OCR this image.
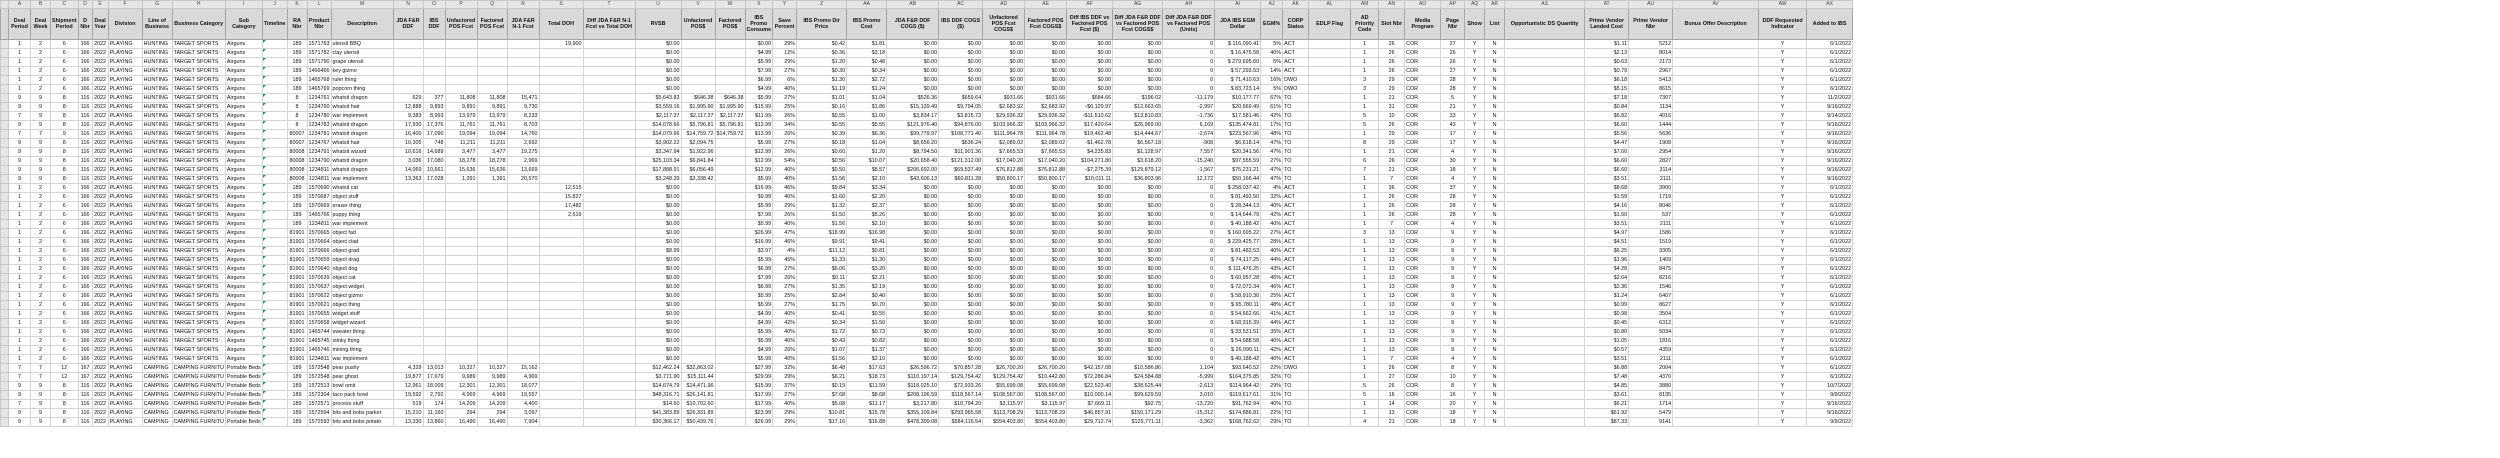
	A	B	C	D	E	F	G	H	I	J	K	L	M	N	O	P	Q	R	S	T	U	V	W	X	Y	Z	AA	AB	AC	AD	AE	AF	AG	AH	AI	AJ	AK	AL	AM	AN	AO	AP	AQ	AR	AS	AT	AU	AV	AW	AX
	Deal Period	Deal Week	Shipment Period	D Nbr	Deal Year	Division	Line of Business	Business Category	Sub Category	Timeline	RA Nbr	Product Nbr	Description	JDA F&R DDF	IBS DDF	Unfactored POS Fcst	Factored POS Fcst	JDA F&R N-1 Fcst	Total DOH	Diff JDA F&R N-1 Fcst vs Total DOH	RVSB	Unfactored POS$	Factored POS$	IBS Promo Consume	Save Percent	IBS Promo Dir Price	IBS Promo Cost	JDA F&R DDF COGS ($)	IBS DDF COGS ($)	Unfactored POS Fcst COGS$	Factored POS Fcst COGS$	Diff IBS DDF vs Factored POS Fcst ($)	Diff JDA F&R DDF vs Factored POS Fcst COGS$	Diff JDA F&R DDF vs Factored POS (Units)	JDA IBS EGM Dollar	EGM%	CORP Status	EDLP Flag	AD Priority Code	Slot Nbr	Media Program	Page Nbr	Show	List	Opportunistic DS Quantity	Prime Vendor Landed Cost	Prime Vendor Nbr	Bonus Offer Description	DDF Requested Indicator	Added to IBS
	1	2	6	166	2022	PLAYING	HUNTING	TARGET SPORTS	Airguns		189	1571763	utensil BBQ						19,900		$0.00			$0.00	29%	$0.42	$1.81	$0.00	$0.00	$0.00	$0.00	$0.00	$0.00	0	$ 116,090.41	5%	ACT		1	26	COR	27	Y	N		$1.11	5212		Y	6/1/2022
	1	2	6	166	2022	PLAYING	HUNTING	TARGET SPORTS	Airguns		189	1571782	clay utensil								$0.00			$4.99	12%	$0.36	$3.18	$0.00	$0.00	$0.00	$0.00	$0.00	$0.00	0	$ 16,476.58	40%	ACT		1	26	COR	26	Y	N		$2.13	8014		Y	6/1/2022
	1	2	6	166	2022	PLAYING	HUNTING	TARGET SPORTS	Airguns		189	1571790	grape utensil								$0.00			$5.99	29%	$1.20	$0.48	$0.00	$0.00	$0.00	$0.00	$0.00	$0.00	0	$ 279,695.60	5%	ACT		1	26	COR	26	Y	N		$0.63	2173		Y	6/1/2022
	1	2	6	166	2022	PLAYING	HUNTING	TARGET SPORTS	Airguns		189	1466466	key gizmo								$0.00			$7.99	27%	$0.30	$0.34	$0.00	$0.00	$0.00	$0.00	$0.00	$0.00	0	$ 57,292.53	14%	ACT		1	26	COR	27	Y	N		$0.79	2967		Y	6/1/2022
	1	2	6	166	2022	PLAYING	HUNTING	TARGET SPORTS	Airguns		189	1465768	ruler thing								$0.00			$6.99	6%	$1.30	$2.72	$0.00	$0.00	$0.00	$0.00	$0.00	$0.00	0	$ 71,410.63	16%	DWO		3	29	COR	28	Y	N		$6.18	5413		Y	6/1/2022
	1	2	6	166	2022	PLAYING	HUNTING	TARGET SPORTS	Airguns		189	1465769	popcorn thing								$0.00			$4.99	40%	$1.19	$1.24	$0.00	$0.00	$0.00	$0.00	$0.00	$0.00	0	$ 83,723.14	5%	DWO		3	29	COR	28	Y	N		$5.15	8615		Y	6/1/2022
	9	9	8	116	2022	PLAYING	HUNTING	TARGET SPORTS	Airguns		8	1234761	whatsit dragon	629	377	11,808	11,808	15,471			$5,643.83	$646.38	$646.38	$5.99	27%	$1.01	$1.04	$526.36	$659.64	$931.66	$931.66	$684.66	$196.02	-11,179	$10,177.77	67%	TO		1	21	COR	5	Y	N		$7.18	7307		Y	11/2/2022
	9	9	8	116	2022	PLAYING	HUNTING	TARGET SPORTS	Airguns		8	1234760	whatsit hair	12,888	9,893	9,891	9,891	9,730			$3,559.16	$1,995.90	$1,995.90	$15.99	25%	$0.16	$1.86	$15,139.49	$9,794.05	$2,683.92	$2,683.92	-$6,129.97	$12,663.65	-2,997	$20,669.49	61%	TO		1	31	COR	21	Y	N		$0.84	1134		Y	9/16/2022
	7	9	8	116	2022	PLAYING	HUNTING	TARGET SPORTS	Airguns		8	1234780	war implement	9,383	8,993	13,979	13,979	8,233			$2,117.37	$2,117.37	$2,117.37	$11.99	26%	$0.55	$1.00	$3,834.17	$3,815.73	$29,936.32	$29,936.32	-$11,510.62	$13,810.83	-1,736	$17,581.46	42%	TO		5	10	COR	33	Y	N		$6.82	4016		Y	9/14/2022
	9	9	8	116	2022	PLAYING	HUNTING	TARGET SPORTS	Airguns		8	1234783	whatsit dragon	17,930	17,376	11,761	11,761	8,703			$14,078.66	$5,796.81	$5,796.81	$12.99	34%	$0.55	$5.55	$121,976.40	$94,876.00	$103,966.32	$103,966.32	$17,420.64	$26,969.00	6,169	$135,474.81	17%	TO		5	26	COR	43	Y	N		$6.60	1444		Y	9/16/2022
	7	7	9	116	2022	PLAYING	HUNTING	TARGET SPORTS	Airguns		80007	1234781	whatsit dragon	16,400	17,090	19,094	19,094	14,760			$14,079.66	$14,759.72	$14,759.72	$13.99	26%	$0.39	$6.36	$99,779.97	$108,771.40	$111,964.78	$111,964.78	$19,462.48	$14,444.67	-2,674	$223,567.96	48%	TO		1	29	COR	17	Y	N		$5.56	5636		Y	9/16/2022
	9	9	8	116	2022	PLAYING	HUNTING	TARGET SPORTS	Airguns		80007	1234767	whatsit hair	10,305	748	11,211	11,211	2,692			$3,902.22	$2,094.75		$5.99	27%	$0.18	$1.04	$8,656.20	$636.24	$2,089.02	$2,089.02	-$1,462.78	$6,567.18	-908	$6,618.14	47%	TO		8	29	COR	17	Y	N		$4.47	1908		Y	9/16/2022
	9	9	8	116	2022	PLAYING	HUNTING	TARGET SPORTS	Airguns		80008	1234791	whatsit wizard	10,616	14,689	3,477	3,477	19,275			$3,347.94	$1,922.96		$12.99	26%	$0.60	$1.20	$8,794.50	$11,901.36	$7,665.53	$7,665.53	$4,235.83	$1,128.97	7,557	$20,341.56	47%	TO		1	21	COR	4	Y	N		$7.60	2954		Y	9/16/2022
	9	9	8	116	2022	PLAYING	HUNTING	TARGET SPORTS	Airguns		80008	1234790	whatsit dragon	3,036	17,080	18,278	18,278	2,969			$25,103.34	$6,841.84		$12.99	54%	$0.56	$10.07	$20,658.40	$121,312.00	$17,040.20	$17,040.20	$104,271.80	$3,618.20	-15,240	$97,555.59	27%	TO		6	26	COR	30	Y	N		$6.60	2827		Y	9/16/2022
	9	9	8	116	2022	PLAYING	HUNTING	TARGET SPORTS	Airguns		80008	1234811	whatsit dragon	14,069	10,661	15,636	15,636	13,669			$17,888.91	$6,056.49		$12.99	40%	$0.50	$8.57	$206,692.00	$69,537.49	$76,812.88	$76,812.88	-$7,275.39	$129,879.12	-1,567	$75,231.21	47%	TO		7	21	COR	18	Y	N		$6.60	3114		Y	9/16/2022
	9	9	8	116	2022	PLAYING	HUNTING	TARGET SPORTS	Airguns		80008	1234811	war implement	13,363	17,028	1,391	1,391	20,570			$3,248.39	$3,338.42		$5.99	40%	$1.56	$2.10	$43,606.13	$60,811.28	$50,800.17	$50,800.17	$10,011.11	$36,803.96	12,172	$50,166.44	47%	TO		1	7	COR	4	Y	N		$3.51	2111		Y	9/16/2022
	1	2	6	166	2022	PLAYING	HUNTING	TARGET SPORTS	Airguns		189	1570690	whatsit cat						12,515		$0.00			$16.99	46%	$9.84	$3.34	$0.00	$0.00	$0.00	$0.00	$0.00	$0.00	0	$ 258,037.42	4%	ACT		1	36	COR	37	Y	N		$8.68	3900		Y	6/1/2022
	1	2	6	166	2022	PLAYING	HUNTING	TARGET SPORTS	Airguns		189	1570687	object stuff						15,827		$0.00			$9.99	40%	$1.60	$2.20	$0.00	$0.00	$0.00	$0.00	$0.00	$0.00	0	$ 81,492.50	32%	ACT		1	26	COR	28	Y	N		$1.59	1719		Y	6/1/2022
	1	2	6	166	2022	PLAYING	HUNTING	TARGET SPORTS	Airguns		189	1570669	eraser thing						17,482		$0.00			$5.99	29%	$1.32	$2.37	$0.00	$0.00	$0.00	$0.00	$0.00	$0.00	0	$ 28,344.13	40%	ACT		1	26	COR	28	Y	N		$4.16	8046		Y	6/1/2022
	1	2	6	166	2022	PLAYING	HUNTING	TARGET SPORTS	Airguns		189	1465766	puppy thing						2,619		$0.00			$7.99	26%	$1.50	$5.26	$0.00	$0.00	$0.00	$0.00	$0.00	$0.00	0	$ 14,644.79	42%	ACT		1	26	COR	28	Y	N		$1.60	537		Y	6/1/2022
	1	2	6	166	2022	PLAYING	HUNTING	TARGET SPORTS	Airguns		189	1234811	war implement								$0.00			$5.99	40%	$1.56	$2.10	$0.00	$0.00	$0.00	$0.00	$0.00	$0.00	0	$ 40,188.42	40%	ACT		1	7	COR	4	Y	N		$3.51	2111		Y	6/1/2022
	1	2	6	166	2022	PLAYING	HUNTING	TARGET SPORTS	Airguns		81901	1570665	object fad								$0.00			$26.99	47%	$18.99	$16.98	$0.00	$0.00	$0.00	$0.00	$0.00	$0.00	0	$ 160,695.22	27%	ACT		3	13	COR	9	Y	N		$4.97	1586		Y	6/1/2022
	1	2	6	166	2022	PLAYING	HUNTING	TARGET SPORTS	Airguns		81901	1570664	object clad								$0.00			$16.99	46%	$9.91	$9.41	$0.00	$0.00	$0.00	$0.00	$0.00	$0.00	0	$ 229,425.77	28%	ACT		1	13	COR	9	Y	N		$4.51	1519		Y	6/1/2022
	1	2	6	166	2022	PLAYING	HUNTING	TARGET SPORTS	Airguns		81901	1570666	object grad								$8.99			$3.97	4%	$11.12	$0.81	$0.00	$0.00	$0.00	$0.00	$0.00	$0.00	0	$ 81,482.53	40%	ACT		1	13	COR	9	Y	N		$6.25	3305		Y	6/1/2022
	1	2	6	166	2022	PLAYING	HUNTING	TARGET SPORTS	Airguns		81901	1570659	object drag								$0.00			$5.99	45%	$1.33	$1.30	$0.00	$0.00	$0.00	$0.00	$0.00	$0.00	0	$ 74,117.25	44%	ACT		1	13	COR	9	Y	N		$1.96	1409		Y	6/1/2022
	1	2	6	166	2022	PLAYING	HUNTING	TARGET SPORTS	Airguns		81901	1570640	object dog								$0.00			$6.99	27%	$6.06	$3.20	$0.00	$0.00	$0.00	$0.00	$0.00	$0.00	0	$ 111,476.25	43%	ACT		1	13	COR	9	Y	N		$4.28	8475		Y	6/1/2022
	1	2	6	166	2022	PLAYING	HUNTING	TARGET SPORTS	Airguns		81901	1570639	object cat								$0.00			$7.99	26%	$0.11	$2.21	$0.00	$0.00	$0.00	$0.00	$0.00	$0.00	0	$ 60,957.28	45%	ACT		1	13	COR	9	Y	N		$2.64	8216		Y	6/1/2022
	1	2	6	166	2022	PLAYING	HUNTING	TARGET SPORTS	Airguns		81901	1570637	object widget								$0.00			$6.99	27%	$1.35	$2.19	$0.00	$0.00	$0.00	$0.00	$0.00	$0.00	0	$ 72,072.34	46%	ACT		1	13	COR	9	Y	N		$2.36	1546		Y	6/1/2022
	1	2	6	166	2022	PLAYING	HUNTING	TARGET SPORTS	Airguns		81901	1570622	object gizmo								$0.00			$5.99	25%	$2.84	$0.40	$0.00	$0.00	$0.00	$0.00	$0.00	$0.00	0	$ 58,910.30	25%	ACT		1	13	COR	9	Y	N		$1.24	6407		Y	6/1/2022
	1	2	6	166	2022	PLAYING	HUNTING	TARGET SPORTS	Airguns		81901	1570621	object thing								$0.00			$5.99	27%	$1.75	$0.70	$0.00	$0.00	$0.00	$0.00	$0.00	$0.00	0	$ 65,780.11	48%	ACT		1	13	COR	9	Y	N		$0.99	8627		Y	6/1/2022
	1	2	6	166	2022	PLAYING	HUNTING	TARGET SPORTS	Airguns		81901	1570655	widget stuff								$0.00			$4.99	40%	$0.41	$0.55	$0.00	$0.00	$0.00	$0.00	$0.00	$0.00	0	$ 54,662.66	41%	ACT		1	13	COR	9	Y	N		$0.98	3504		Y	6/1/2022
	1	2	6	166	2022	PLAYING	HUNTING	TARGET SPORTS	Airguns		81901	1570658	widget wizard								$0.00			$4.99	42%	$0.34	$1.50	$0.00	$0.00	$0.00	$0.00	$0.00	$0.00	0	$ 68,315.39	44%	ACT		1	13	COR	9	Y	N		$0.45	6312		Y	6/1/2022
	1	2	6	166	2022	PLAYING	HUNTING	TARGET SPORTS	Airguns		81901	1465744	sweater thing								$0.00			$5.99	40%	$1.72	$0.73	$0.00	$0.00	$0.00	$0.00	$0.00	$0.00	0	$ 33,531.51	35%	ACT		1	13	COR	9	Y	N		$0.80	5034		Y	6/1/2022
	1	2	6	166	2022	PLAYING	HUNTING	TARGET SPORTS	Airguns		81901	1465745	stinky thing								$0.00			$5.99	40%	$0.43	$0.82	$0.00	$0.00	$0.00	$0.00	$0.00	$0.00	0	$ 54,688.58	40%	ACT		1	13	COR	9	Y	N		$1.05	1816		Y	6/1/2022
	1	2	6	166	2022	PLAYING	HUNTING	TARGET SPORTS	Airguns		81901	1465746	mining thing								$0.00			$4.99	26%	$1.07	$1.37	$0.00	$0.00	$0.00	$0.00	$0.00	$0.00	0	$ 26,090.11	42%	ACT		1	13	COR	9	Y	N		$0.57	4359		Y	6/1/2022
	1	2	6	166	2022	PLAYING	HUNTING	TARGET SPORTS	Airguns		81901	1234811	war implement								$0.00			$5.99	40%	$1.56	$2.10	$0.00	$0.00	$0.00	$0.00	$0.00	$0.00	0	$ 40,188.42	40%	ACT		1	7	COR	4	Y	N		$3.51	2111		Y	6/1/2022
	7	7	12	167	2022	PLAYING	CAMPING	CAMPING FURNITU	Portable Beds		189	1572548	pear pushy	4,329	13,013	10,327	10,327	15,162			$12,462.24	$32,863.02		$27.99	32%	$6.48	$17.63	$26,596.72	$70,857.28	$26,700.20	$26,700.20	$42,157.08	$10,586.86	1,104	$93,640.52	22%	DWO		1	26	COR	8	Y	N		$6.88	2004		Y	6/1/2022
	7	7	12	167	2022	PLAYING	CAMPING	CAMPING FURNITU	Portable Beds		189	1572548	pear ghost	19,877	17,679	9,989	9,989	4,969			$3,771.90	$15,111.44		$29.99	29%	$6.21	$18.73	$110,197.14	$129,754.42	$129,754.42	$10,442.80	$72,286.84	$24,584.88	-5,999	$164,375.85	32%	TO		1	27	COR	10	Y	N		$7.48	4370		Y	6/1/2022
	9	9	8	116	2022	PLAYING	CAMPING	CAMPING FURNITU	Portable Beds		189	1572513	bowl omit	12,961	18,009	12,301	12,301	18,077			$14,674.79	$14,471.96		$15.99	37%	$0.19	$11.59	$118,025.10	$72,933.26	$55,699.08	$55,699.08	$22,523.40	$38,625.44	-2,613	$114,964.42	29%	TO		5	26	COR	8	Y	N		$4.85	3880		Y	10/7/2022
	9	9	8	116	2022	PLAYING	CAMPING	CAMPING FURNITU	Portable Beds		189	1572304	taco pack bowl	19,592	2,792	4,969	4,969	19,557			$48,316.71	$26,141.81		$17.99	27%	$7.68	$8.68	$208,196.59	$118,567.14	$108,567.00	$108,567.00	$10,000.14	$99,629.59	3,010	$119,617.61	31%	TO		5	16	COR	16	Y	N		$3.61	8135		Y	9/9/2022
	7	9	8	116	2022	PLAYING	CAMPING	CAMPING FURNITU	Portable Beds		189	1572571	process stuff	519	174	14,209	14,209	4,400			$14.60	$10,702.60		$17.99	40%	$5.08	$11.17	$3,217.80	$10,794.20	$3,115.97	$3,115.97	$7,669.11	$92.75	-13,720	$91,762.94	40%	TO		1	14	COR	20	Y	N		$6.21	1714		Y	9/16/2022
	9	9	8	116	2022	PLAYING	CAMPING	CAMPING FURNITU	Portable Beds		189	1572594	bits and bobs parker	15,210	11,160	294	294	3,097			$41,383.89	$26,331.89		$23.99	29%	$10.81	$15.78	$355,109.84	$293,965.58	$113,708.29	$113,708.29	$46,857.91	$150,171.29	-15,312	$174,886.81	22%	TO		1	13	COR	18	Y	N		$61.92	5479		Y	9/16/2022
	9	9	8	116	2022	PLAYING	CAMPING	CAMPING FURNITU	Portable Beds		189	1572593	bits and bobs potato	13,330	13,860	16,490	16,490	7,904			$30,366.17	$50,439.76		$26.99	29%	$17.16	$16.88	$478,309.08	$584,116.54	$554,403.80	$554,403.80	$29,712.74	$125,771.11	-3,362	$168,762.62	29%	TO		4	21	COR	18	Y	N		$87.33	9141		Y	9/9/2022
